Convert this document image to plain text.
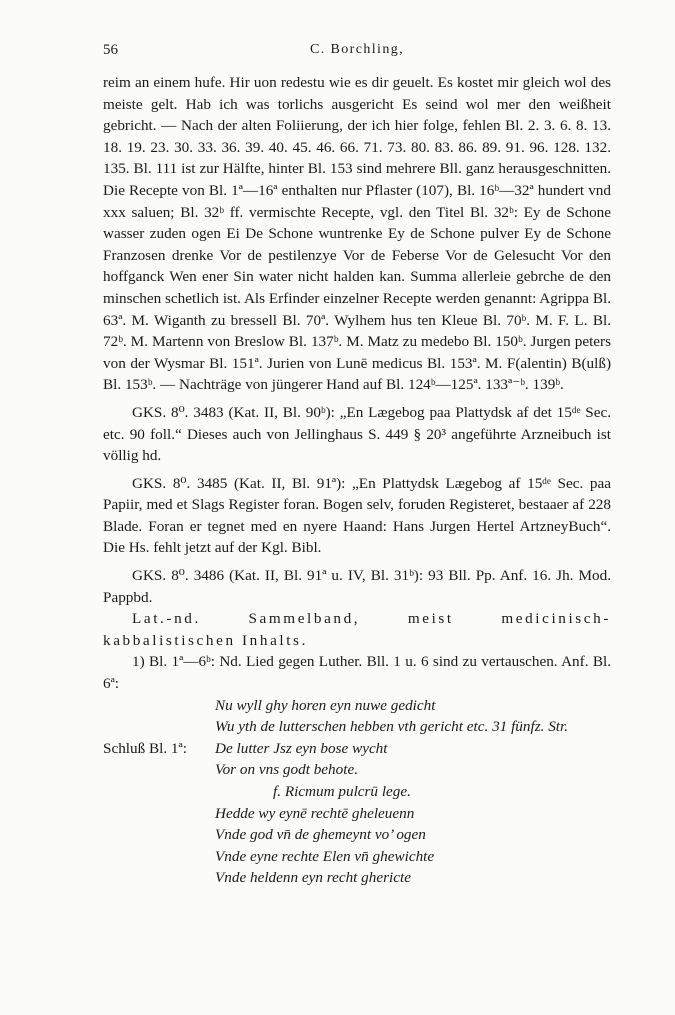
56	C. Borchling,

reim an einem hufe. Hir uon redestu wie es dir geuelt. Es kostet mir gleich wol des meiste gelt. Hab ich was torlichs ausgericht Es seind wol mer den weißheit gebricht. — Nach der alten Foliierung, der ich hier folge, fehlen Bl. 2. 3. 6. 8. 13. 18. 19. 23. 30. 33. 36. 39. 40. 45. 46. 66. 71. 73. 80. 83. 86. 89. 91. 96. 128. 132. 135. Bl. 111 ist zur Hälfte, hinter Bl. 153 sind mehrere Bll. ganz herausgeschnitten. Die Recepte von Bl. 1ª—16ª enthalten nur Pflaster (107), Bl. 16ᵇ—32ª hundert vnd xxx saluen; Bl. 32ᵇ ff. vermischte Recepte, vgl. den Titel Bl. 32ᵇ: Ey de Schone wasser zuden ogen Ei De Schone wuntrenke Ey de Schone pulver Ey de Schone Franzosen drenke Vor de pestilenzye Vor de Feberse Vor de Gelesucht Vor den hoffganck Wen ener Sin water nicht halden kan. Summa allerleie gebrche de den minschen schetlich ist. Als Erfinder einzelner Recepte werden genannt: Agrippa Bl. 63ª. M. Wiganth zu bressell Bl. 70ª. Wylhem hus ten Kleue Bl. 70ᵇ. M. F. L. Bl. 72ᵇ. M. Martenn von Breslow Bl. 137ᵇ. M. Matz zu medebo Bl. 150ᵇ. Jurgen peters von der Wysmar Bl. 151ª. Jurien von Lunē medicus Bl. 153ª. M. F(alentin) B(ulß) Bl. 153ᵇ. — Nachträge von jüngerer Hand auf Bl. 124ᵇ—125ª. 133ª⁻ᵇ. 139ᵇ.

GKS. 8⁰. 3483 (Kat. II, Bl. 90ᵇ): „En Lægebog paa Plattydsk af det 15ᵈᵉ Sec. etc. 90 foll.“ Dieses auch von Jellinghaus S. 449 § 20³ angeführte Arzneibuch ist völlig hd.

GKS. 8⁰. 3485 (Kat. II, Bl. 91ª): „En Plattydsk Lægebog af 15ᵈᵉ Sec. paa Papiir, med et Slags Register foran. Bogen selv, foruden Registeret, bestaaer af 228 Blade. Foran er tegnet med en nyere Haand: Hans Jurgen Hertel ArtzneyBuch“. Die Hs. fehlt jetzt auf der Kgl. Bibl.

GKS. 8⁰. 3486 (Kat. II, Bl. 91ª u. IV, Bl. 31ᵇ): 93 Bll. Pp. Anf. 16. Jh. Mod. Pappbd.

Lat.-nd. Sammelband, meist medicinisch-kabbalistischen Inhalts.

1) Bl. 1ª—6ᵇ: Nd. Lied gegen Luther. Bll. 1 u. 6 sind zu vertauschen. Anf. Bl. 6ª:

Nu wyll ghy horen eyn nuwe gedicht
Wu yth de lutterschen hebben vth gericht etc. 31 fünfz. Str.
Schluß Bl. 1ª: De lutter Jsz eyn bose wycht
Vor on vns godt behote.
f. Ricmum pulcrū lege.
Hedde wy eynē rechtē gheleuenn
Vnde god vn̄ de ghemeynt vo’ ogen
Vnde eyne rechte Elen vn̄ ghewichte
Vnde heldenn eyn recht ghericte
